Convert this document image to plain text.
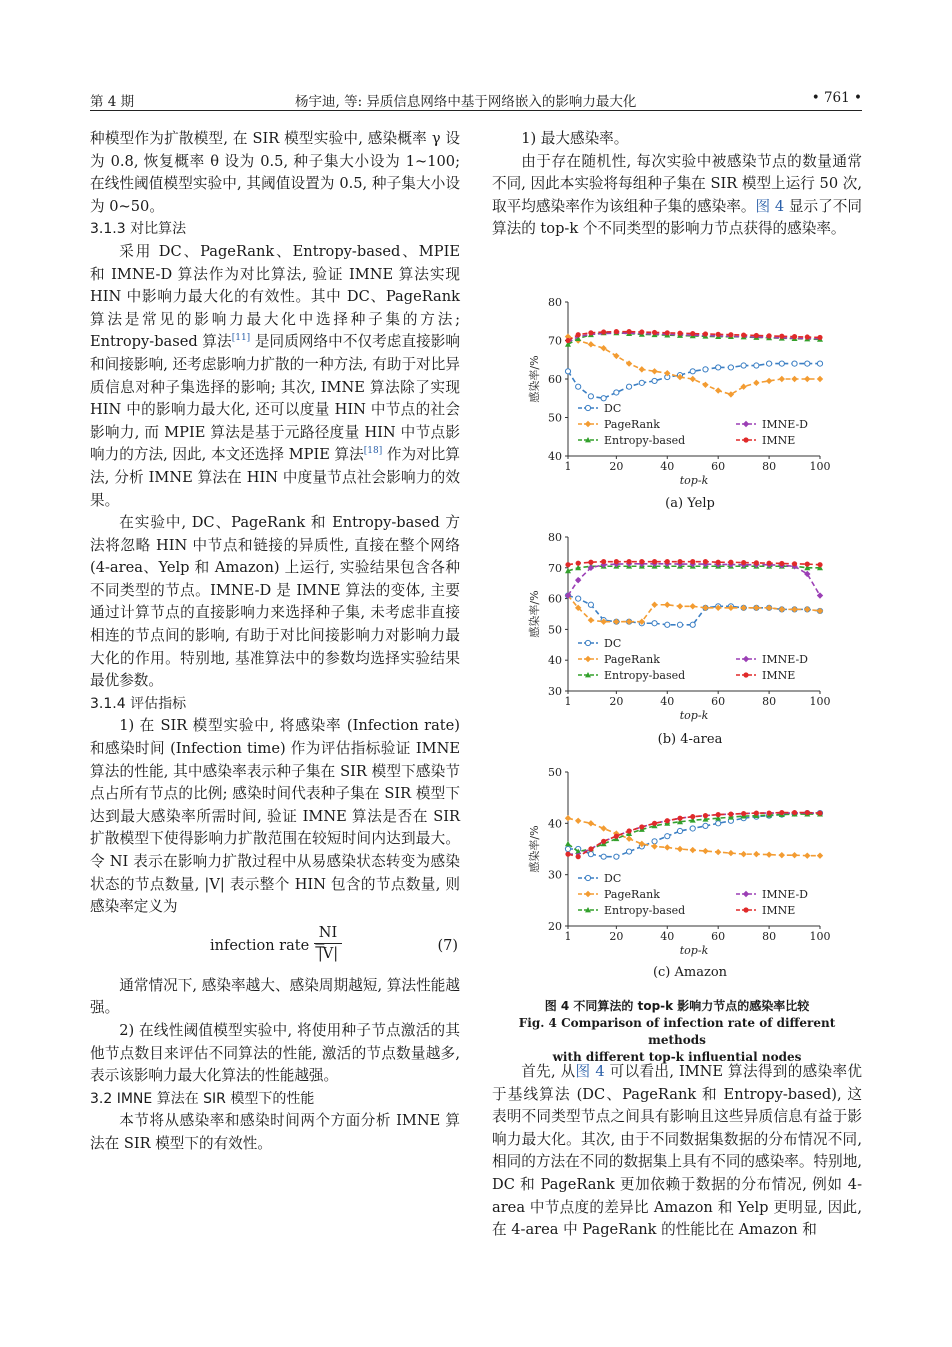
第 4 期	杨宇迪, 等: 异质信息网络中基于网络嵌入的影响力最大化	• 761 •

种模型作为扩散模型, 在 SIR 模型实验中, 感染概率 γ 设为 0.8, 恢复概率 θ 设为 0.5, 种子集大小设为 1~100; 在线性阈值模型实验中, 其阈值设置为 0.5, 种子集大小设为 0~50。

3.1.3 对比算法

采用 DC、PageRank、Entropy-based、MPIE 和 IMNE-D 算法作为对比算法, 验证 IMNE 算法实现 HIN 中影响力最大化的有效性。其中 DC、PageRank 算法是常见的影响力最大化中选择种子集的方法; Entropy-based 算法[11] 是同质网络中不仅考虑直接影响和间接影响, 还考虑影响力扩散的一种方法, 有助于对比异质信息对种子集选择的影响; 其次, IMNE 算法除了实现 HIN 中的影响力最大化, 还可以度量 HIN 中节点的社会影响力, 而 MPIE 算法是基于元路径度量 HIN 中节点影响力的方法, 因此, 本文还选择 MPIE 算法[18] 作为对比算法, 分析 IMNE 算法在 HIN 中度量节点社会影响力的效果。

在实验中, DC、PageRank 和 Entropy-based 方法将忽略 HIN 中节点和链接的异质性, 直接在整个网络 (4-area、Yelp 和 Amazon) 上运行, 实验结果包含各种不同类型的节点。IMNE-D 是 IMNE 算法的变体, 主要通过计算节点的直接影响力来选择种子集, 未考虑非直接相连的节点间的影响, 有助于对比间接影响力对影响力最大化的作用。特别地, 基准算法中的参数均选择实验结果最优参数。

3.1.4 评估指标

1) 在 SIR 模型实验中, 将感染率 (Infection rate) 和感染时间 (Infection time) 作为评估指标验证 IMNE 算法的性能, 其中感染率表示种子集在 SIR 模型下感染节点占所有节点的比例; 感染时间代表种子集在 SIR 模型下达到最大感染率所需时间, 验证 IMNE 算法是否在 SIR 扩散模型下使得影响力扩散范围在较短时间内达到最大。令 NI 表示在影响力扩散过程中从易感染状态转变为感染状态的节点数量, |V| 表示整个 HIN 包含的节点数量, 则感染率定义为

infection rate =
$\frac{NI}{|V|}$	(7)

通常情况下, 感染率越大、感染周期越短, 算法性能越强。

2) 在线性阈值模型实验中, 将使用种子节点激活的其他节点数目来评估不同算法的性能, 激活的节点数量越多, 表示该影响力最大化算法的性能越强。

3.2 IMNE 算法在 SIR 模型下的性能

本节将从感染率和感染时间两个方面分析 IMNE 算法在 SIR 模型下的有效性。

1) 最大感染率。

由于存在随机性, 每次实验中被感染节点的数量通常不同, 因此本实验将每组种子集在 SIR 模型上运行 50 次, 取平均感染率作为该组种子集的感染率。图 4 显示了不同算法的 top-k 个不同类型的影响力节点获得的感染率。

40
50
60
70
80
1	20	40	60	80	100
top-k
感染率/%
DC
PageRank
Entropy-based
IMNE-D
IMNE
(a) Yelp
30
40
50
60
70
80
1	20	40	60	80	100
top-k
感染率/%
DC
PageRank
Entropy-based
IMNE-D
IMNE
(b) 4-area
20
30
40
50
1	20	40	60	80	100
top-k
感染率/%
DC
PageRank
Entropy-based
IMNE-D
IMNE
(c) Amazon
图 4 不同算法的 top-k 影响力节点的感染率比较
Fig. 4 Comparison of infection rate of different methods
with different top-k influential nodes

首先, 从图 4 可以看出, IMNE 算法得到的感染率优于基线算法 (DC、PageRank 和 Entropy-based), 这表明不同类型节点之间具有影响且这些异质信息有益于影响力最大化。其次, 由于不同数据集数据的分布情况不同, 相同的方法在不同的数据集上具有不同的感染率。特别地, DC 和 PageRank 更加依赖于数据的分布情况, 例如 4-area 中节点度的差异比 Amazon 和 Yelp 更明显, 因此, 在 4-area 中 PageRank 的性能比在 Amazon 和
